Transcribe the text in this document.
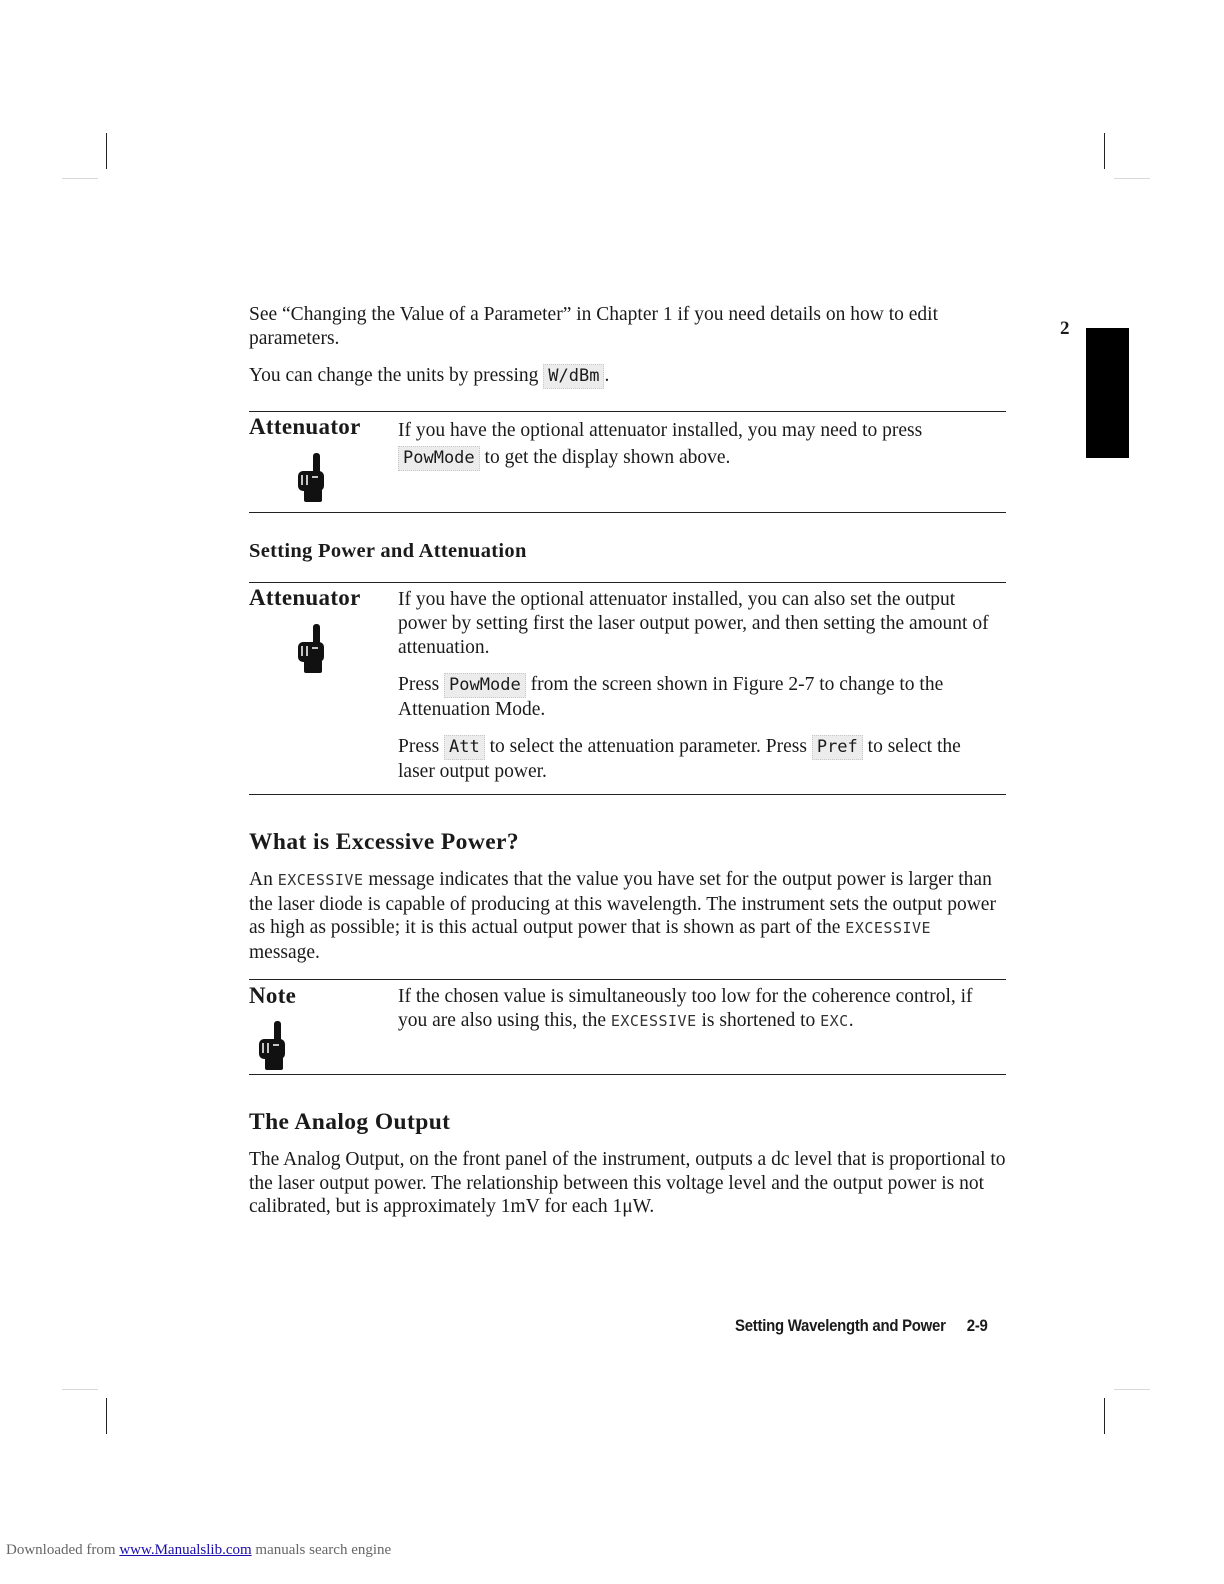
2
See “Changing the Value of a Parameter” in Chapter 1 if you need details on how to edit parameters.
You can change the units by pressing W/dBm .
Attenuator If you have the optional attenuator installed, you may need to press PowMode to get the display shown above.
Setting Power and Attenuation
Attenuator If you have the optional attenuator installed, you can also set the output power by setting first the laser output power, and then setting the amount of attenuation.

Press PowMode from the screen shown in Figure 2-7 to change to the Attenuation Mode.

Press Att to select the attenuation parameter. Press Pref to select the laser output power.

What is Excessive Power?
An EXCESSIVE message indicates that the value you have set for the output power is larger than the laser diode is capable of producing at this wavelength. The instrument sets the output power as high as possible; it is this actual output power that is shown as part of the EXCESSIVE message.
Note	If the chosen value is simultaneously too low for the coherence control, if you are also using this, the EXCESSIVE is shortened to EXC.
The Analog Output
The Analog Output, on the front panel of the instrument, outputs a dc level that is proportional to the laser output power. The relationship between this voltage level and the output power is not calibrated, but is approximately 1mV for each 1μW.
Setting Wavelength and Power 2-9
Downloaded from www.Manualslib.com manuals search engine
